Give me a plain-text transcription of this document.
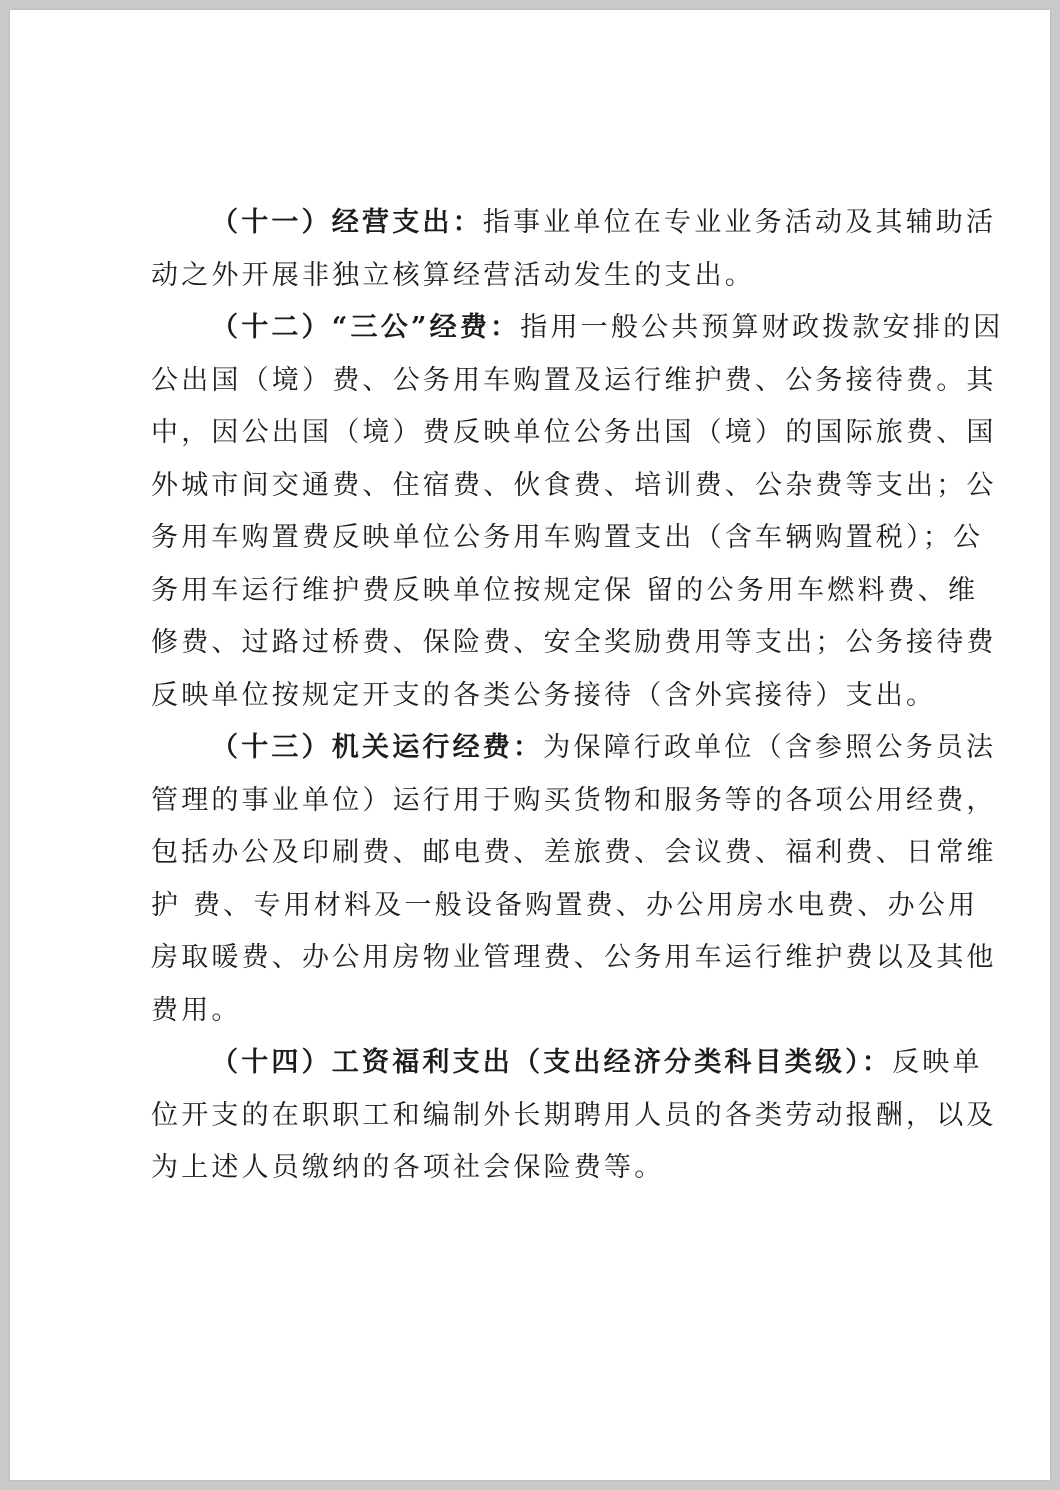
（十一）经营支出：指事业单位在专业业务活动及其辅助活
动之外开展非独立核算经营活动发生的支出。
（十二）“三公”经费：指用一般公共预算财政拨款安排的因
公出国（境）费、公务用车购置及运行维护费、公务接待费。其
中，因公出国（境）费反映单位公务出国（境）的国际旅费、国
外城市间交通费、住宿费、伙食费、培训费、公杂费等支出；公
务用车购置费反映单位公务用车购置支出（含车辆购置税）；公
务用车运行维护费反映单位按规定保 留的公务用车燃料费、维
修费、过路过桥费、保险费、安全奖励费用等支出；公务接待费
反映单位按规定开支的各类公务接待（含外宾接待）支出。
（十三）机关运行经费：为保障行政单位（含参照公务员法
管理的事业单位）运行用于购买货物和服务等的各项公用经费，
包括办公及印刷费、邮电费、差旅费、会议费、福利费、日常维
护 费、专用材料及一般设备购置费、办公用房水电费、办公用
房取暖费、办公用房物业管理费、公务用车运行维护费以及其他
费用。
（十四）工资福利支出（支出经济分类科目类级）：反映单
位开支的在职职工和编制外长期聘用人员的各类劳动报酬，以及
为上述人员缴纳的各项社会保险费等。
